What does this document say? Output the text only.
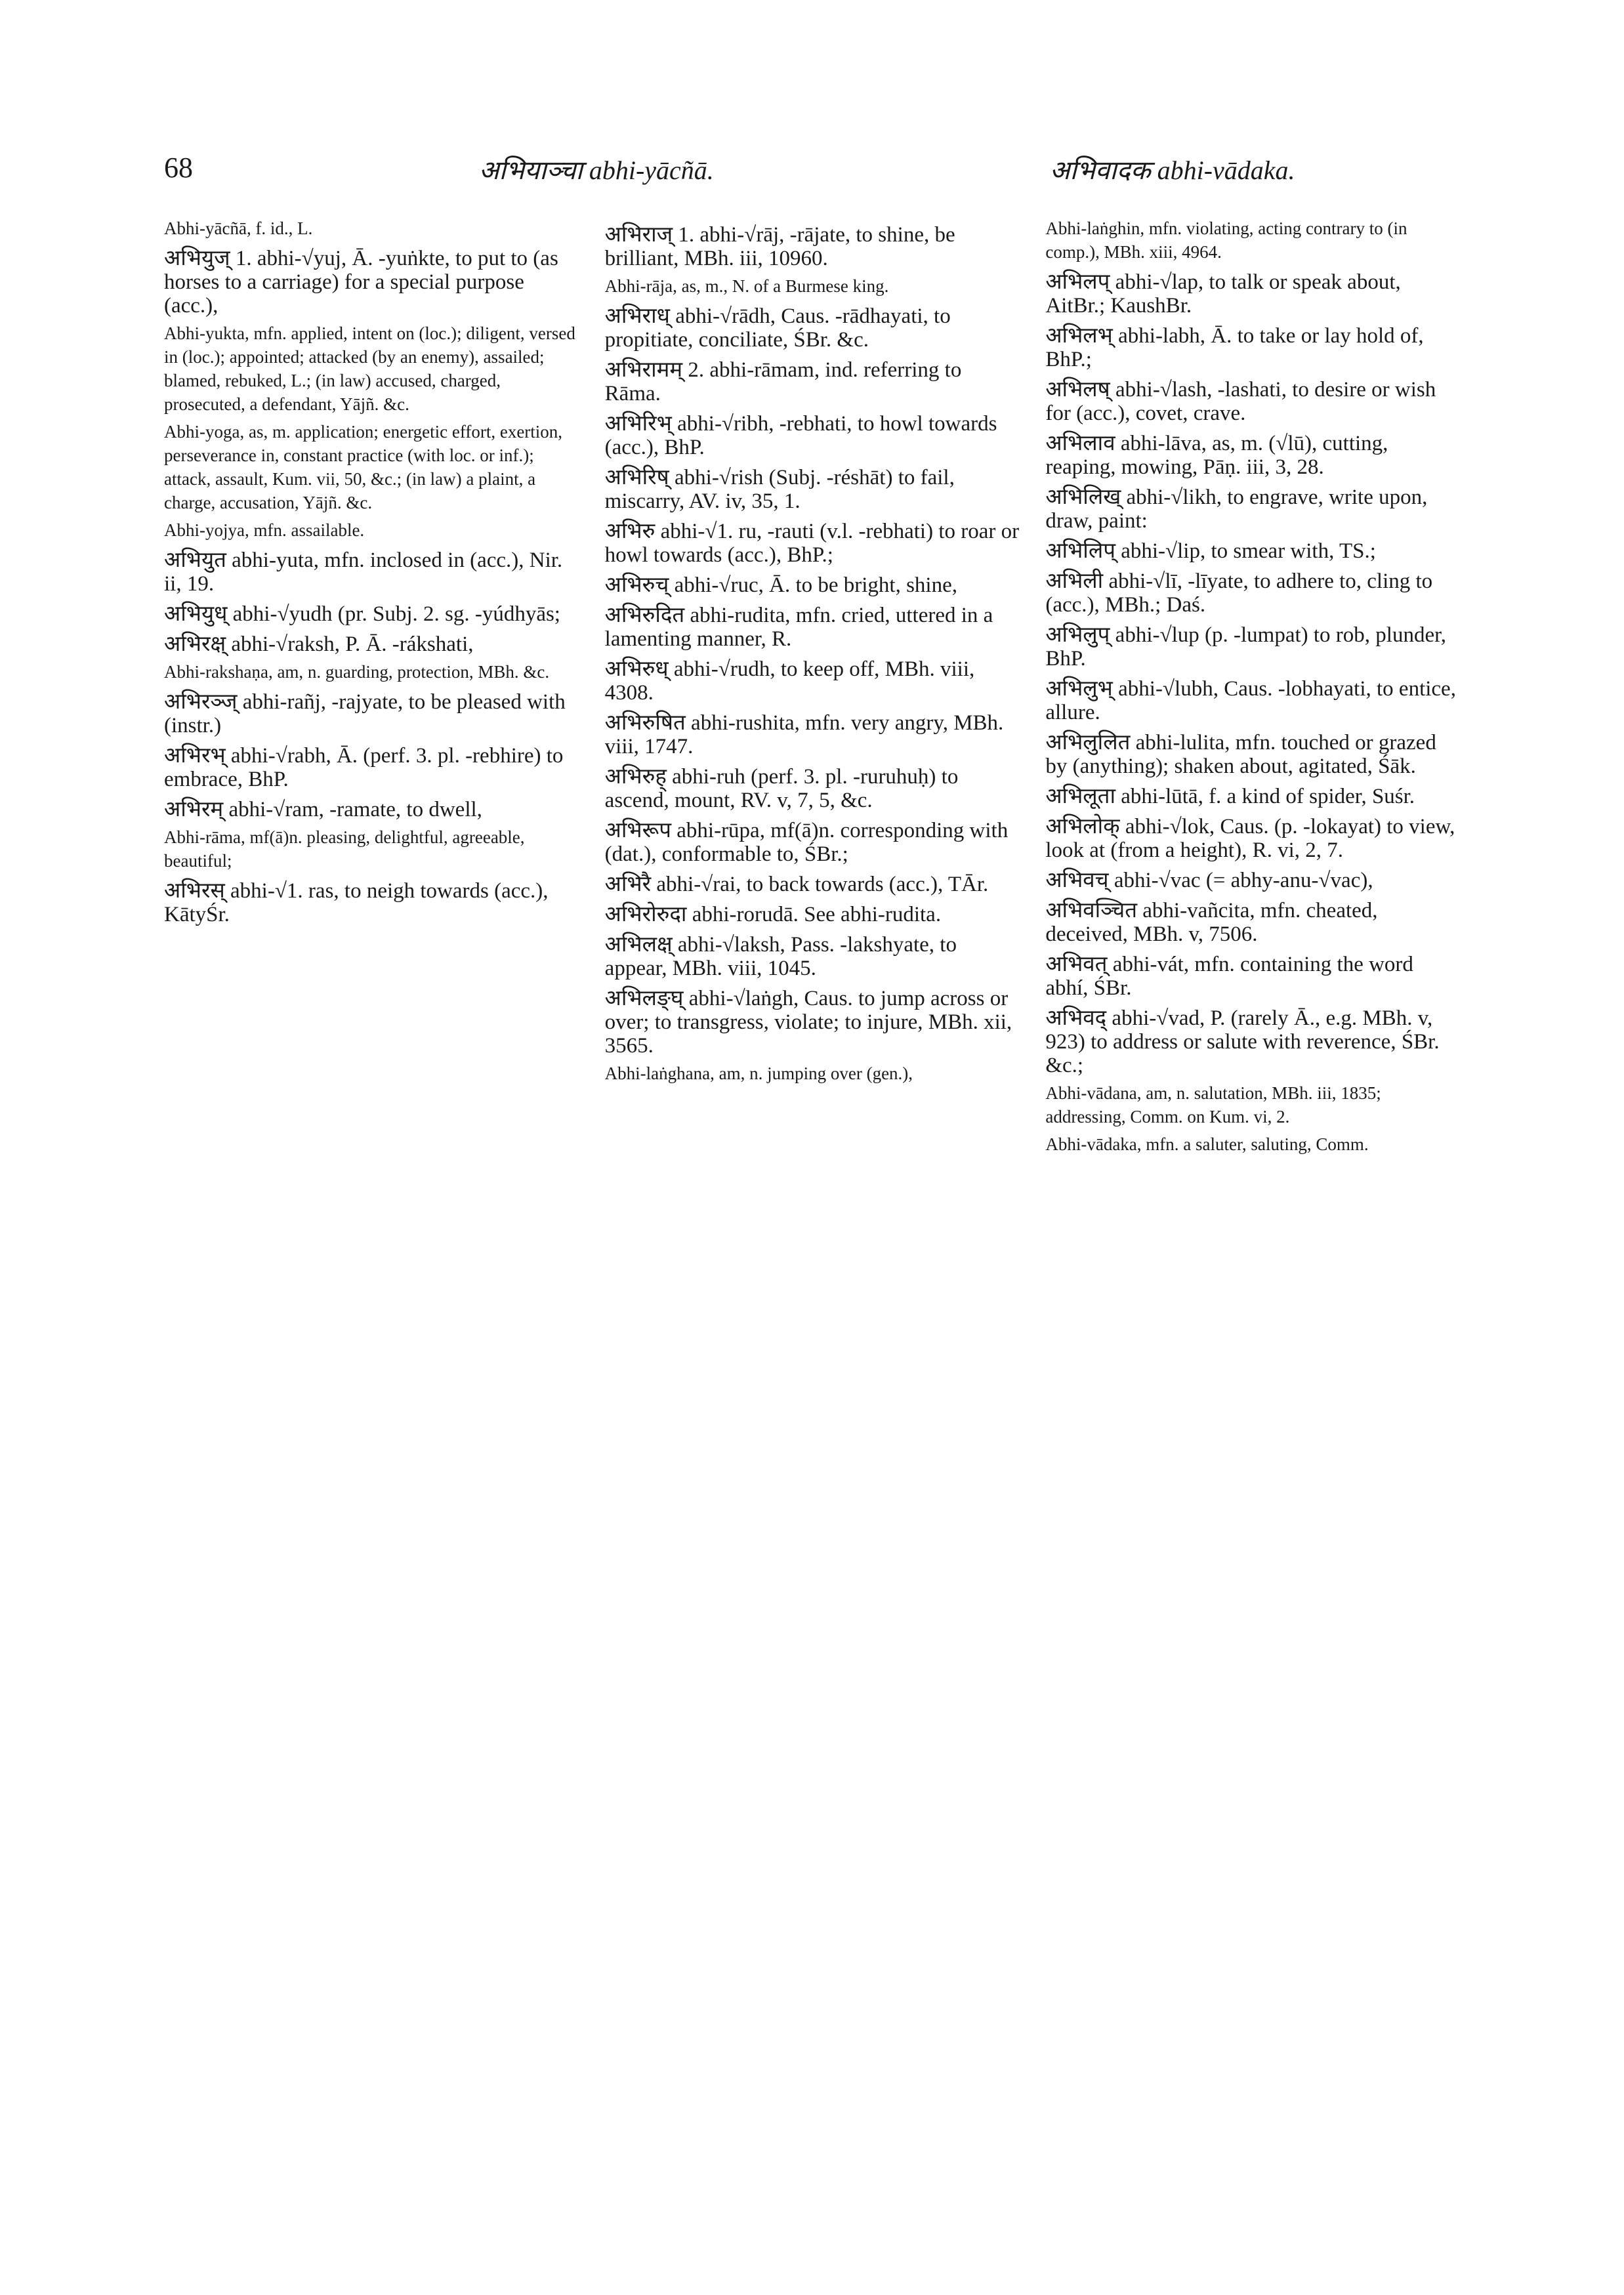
68	अभियाञ्चा abhi-yācñā.	अभिवादक abhi-vādaka.

Abhi-yācñā, f. id., L.

अभियुज् 1. abhi-√yuj, Ā. -yuṅkte, to put to (as horses to a carriage) for a special purpose (acc.),

Abhi-yukta, mfn. applied, intent on (loc.); diligent, versed in (loc.); appointed; attacked (by an enemy), assailed; blamed, rebuked, L.; (in law) accused, charged, prosecuted, a defendant, Yājñ. &c.

Abhi-yoga, as, m. application; energetic effort, exertion, perseverance in, constant practice (with loc. or inf.); attack, assault, Kum. vii, 50, &c.; (in law) a plaint, a charge, accusation, Yājñ. &c.

Abhi-yojya, mfn. assailable.

अभियुत abhi-yuta, mfn. inclosed in (acc.), Nir. ii, 19.

अभियुध् abhi-√yudh (pr. Subj. 2. sg. -yúdhyās;

अभिरक्ष् abhi-√raksh, P. Ā. -rákshati,

Abhi-rakshaṇa, am, n. guarding, protection, MBh. &c.

अभिरञ्ज् abhi-rañj, -rajyate, to be pleased with (instr.)

अभिरभ् abhi-√rabh, Ā. (perf. 3. pl. -rebhire) to embrace, BhP.

अभिरम् abhi-√ram, -ramate, to dwell,

Abhi-rāma, mf(ā)n. pleasing, delightful, agreeable, beautiful;

अभिरस् abhi-√1. ras, to neigh towards (acc.), KātyŚr.

अभिराज् 1. abhi-√rāj, -rājate, to shine, be brilliant, MBh. iii, 10960.

Abhi-rāja, as, m., N. of a Burmese king.

अभिराध् abhi-√rādh, Caus. -rādhayati, to propitiate, conciliate, ŚBr. &c.

अभिरामम् 2. abhi-rāmam, ind. referring to Rāma.

अभिरिभ् abhi-√ribh, -rebhati, to howl towards (acc.), BhP.

अभिरिष् abhi-√rish (Subj. -réshāt) to fail, miscarry, AV. iv, 35, 1.

अभिरु abhi-√1. ru, -rauti (v.l. -rebhati) to roar or howl towards (acc.), BhP.;

अभिरुच् abhi-√ruc, Ā. to be bright, shine,

अभिरुदित abhi-rudita, mfn. cried, uttered in a lamenting manner, R.

अभिरुध् abhi-√rudh, to keep off, MBh. viii, 4308.

अभिरुषित abhi-rushita, mfn. very angry, MBh. viii, 1747.

अभिरुह् abhi-ruh (perf. 3. pl. -ruruhuḥ) to ascend, mount, RV. v, 7, 5, &c.

अभिरूप abhi-rūpa, mf(ā)n. corresponding with (dat.), conformable to, ŚBr.;

अभिरै abhi-√rai, to back towards (acc.), TĀr.

अभिरोरुदा abhi-rorudā. See abhi-rudita.

अभिलक्ष् abhi-√laksh, Pass. -lakshyate, to appear, MBh. viii, 1045.

अभिलङ्घ् abhi-√laṅgh, Caus. to jump across or over; to transgress, violate; to injure, MBh. xii, 3565.

Abhi-laṅghana, am, n. jumping over (gen.),

Abhi-laṅghin, mfn. violating, acting contrary to (in comp.), MBh. xiii, 4964.

अभिलप् abhi-√lap, to talk or speak about, AitBr.; KaushBr.

अभिलभ् abhi-labh, Ā. to take or lay hold of, BhP.;

अभिलष् abhi-√lash, -lashati, to desire or wish for (acc.), covet, crave.

अभिलाव abhi-lāva, as, m. (√lū), cutting, reaping, mowing, Pāṇ. iii, 3, 28.

अभिलिख् abhi-√likh, to engrave, write upon, draw, paint:

अभिलिप् abhi-√lip, to smear with, TS.;

अभिली abhi-√lī, -līyate, to adhere to, cling to (acc.), MBh.; Daś.

अभिलुप् abhi-√lup (p. -lumpat) to rob, plunder, BhP.

अभिलुभ् abhi-√lubh, Caus. -lobhayati, to entice, allure.

अभिलुलित abhi-lulita, mfn. touched or grazed by (anything); shaken about, agitated, Śāk.

अभिलूता abhi-lūtā, f. a kind of spider, Suśr.

अभिलोक् abhi-√lok, Caus. (p. -lokayat) to view, look at (from a height), R. vi, 2, 7.

अभिवच् abhi-√vac (= abhy-anu-√vac),

अभिवञ्चित abhi-vañcita, mfn. cheated, deceived, MBh. v, 7506.

अभिवत् abhi-vát, mfn. containing the word abhí, ŚBr.

अभिवद् abhi-√vad, P. (rarely Ā., e.g. MBh. v, 923) to address or salute with reverence, ŚBr. &c.;

Abhi-vādana, am, n. salutation, MBh. iii, 1835; addressing, Comm. on Kum. vi, 2.

Abhi-vādaka, mfn. a saluter, saluting, Comm.
